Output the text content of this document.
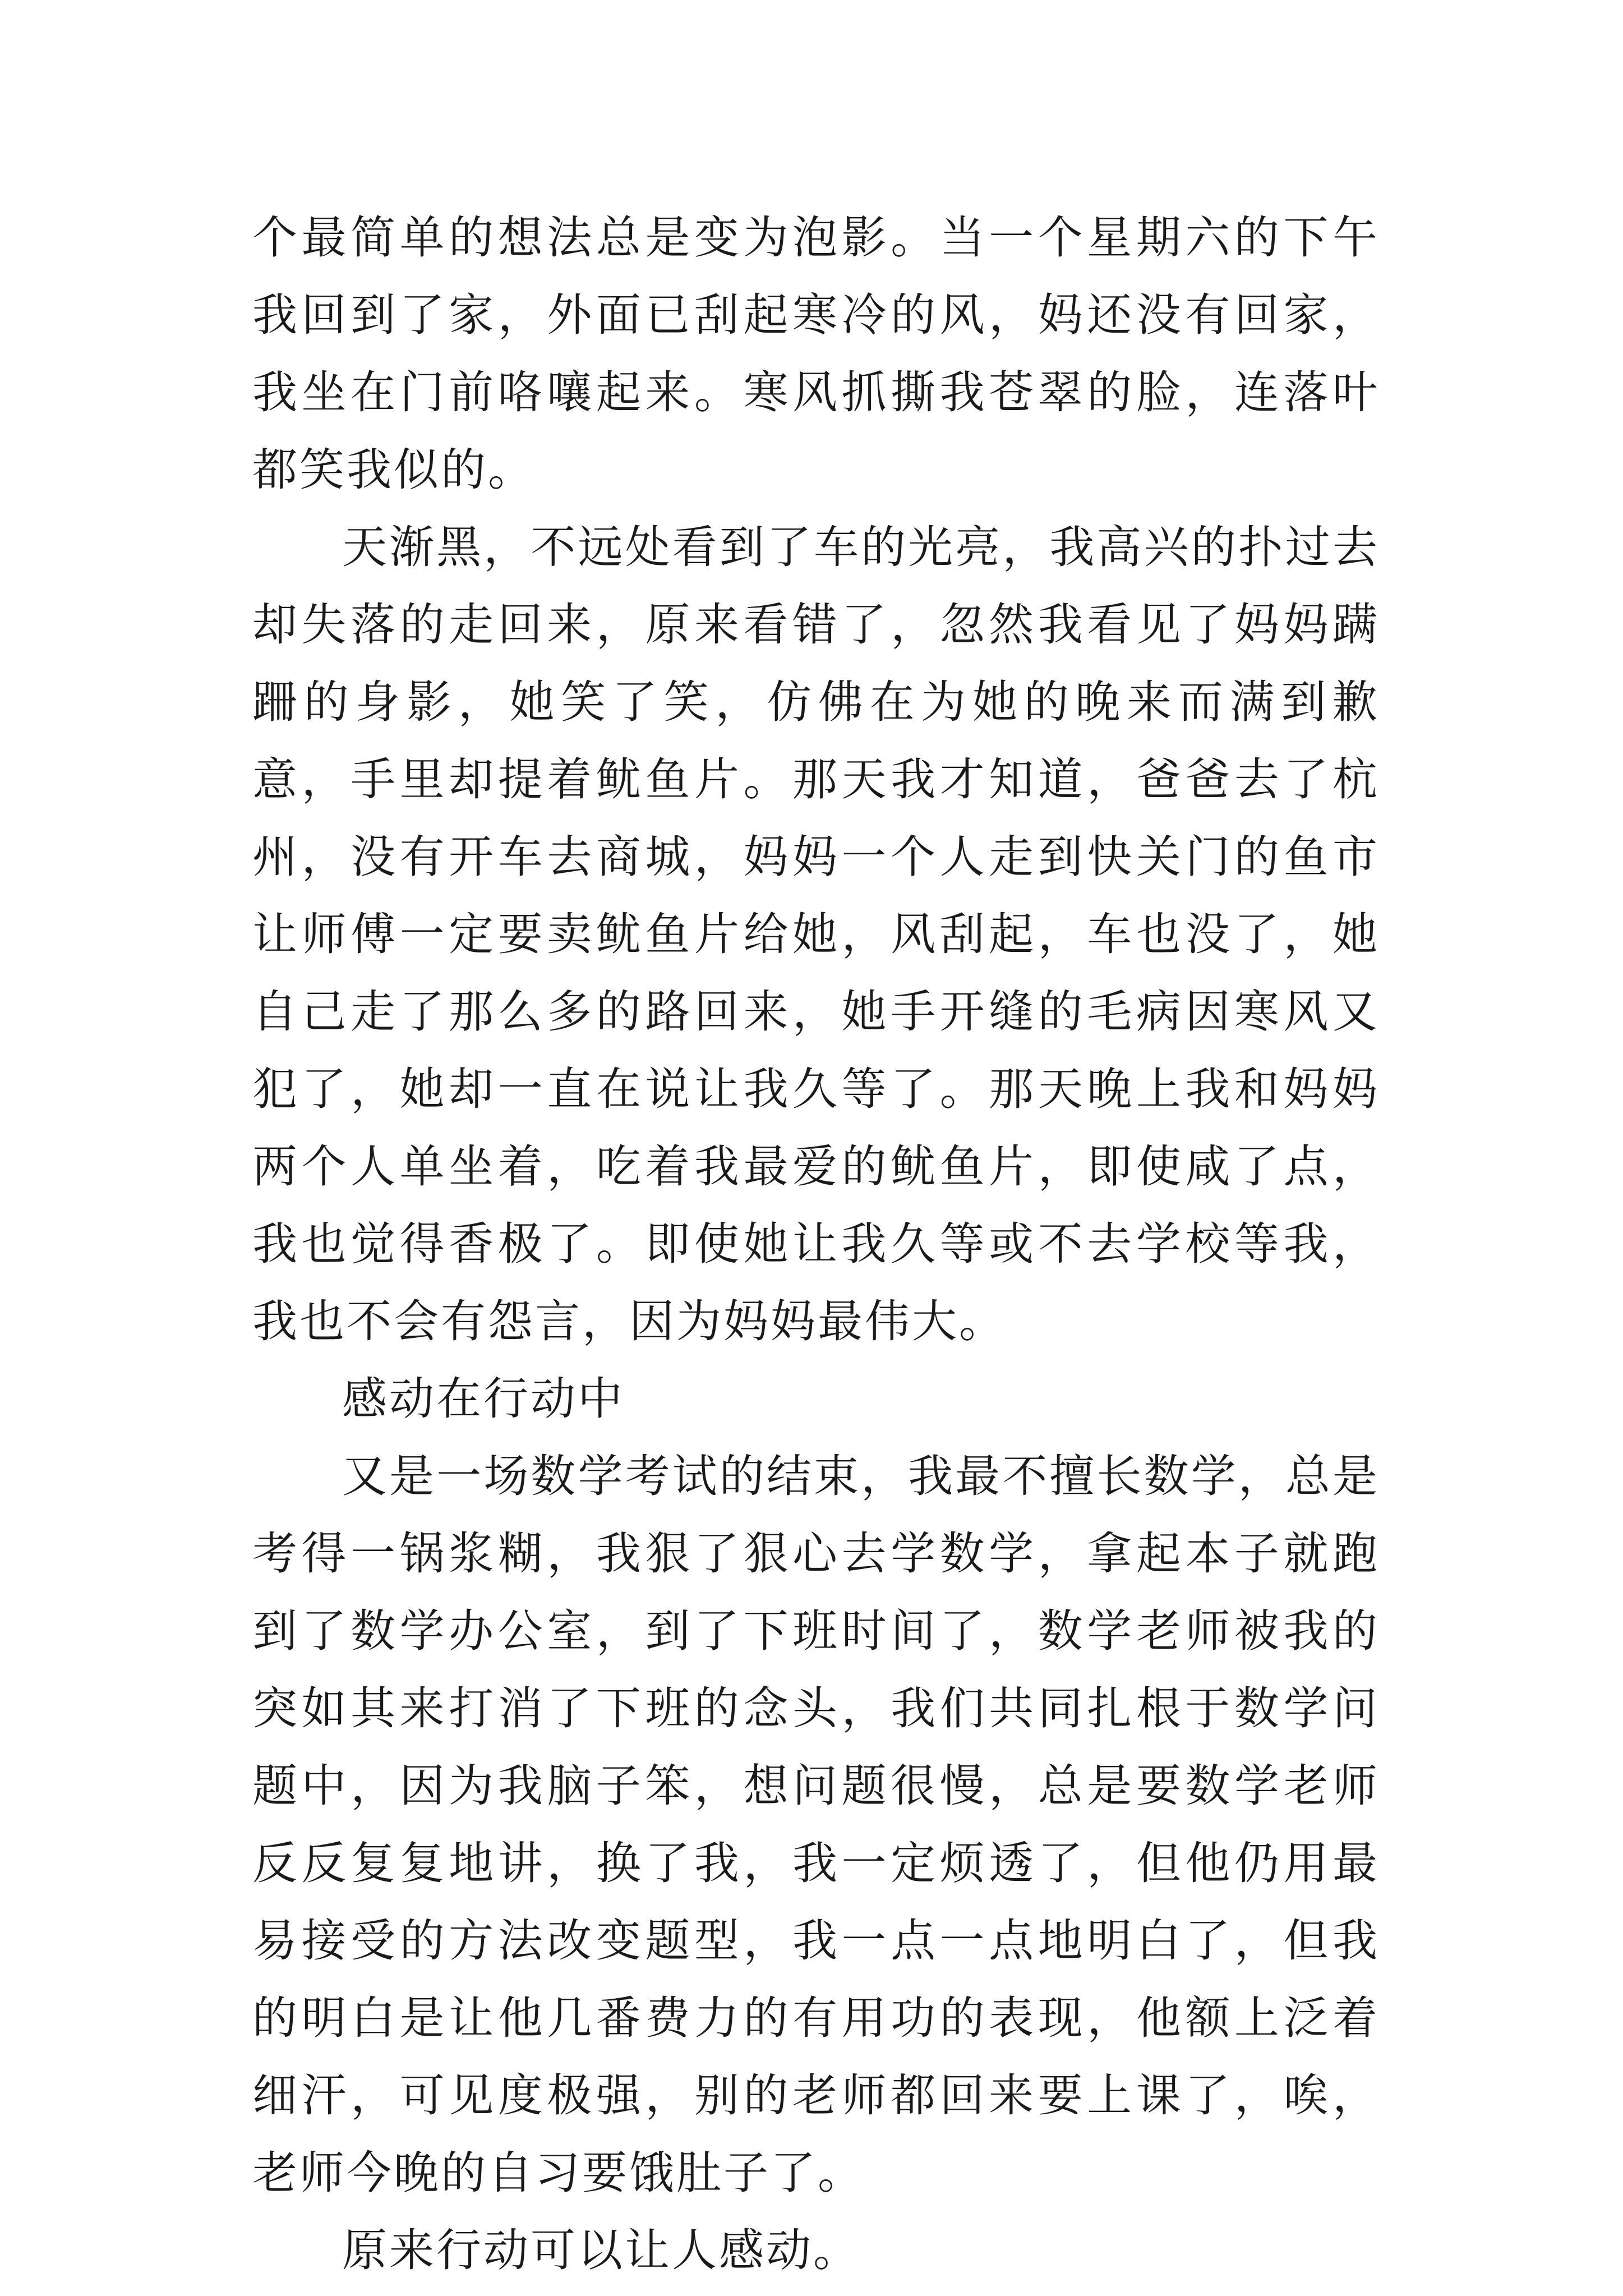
个最简单的想法总是变为泡影。当一个星期六的下午我回到了家，外面已刮起寒冷的风，妈还没有回家，我坐在门前咯嚷起来。寒风抓撕我苍翠的脸，连落叶都笑我似的。

天渐黑，不远处看到了车的光亮，我高兴的扑过去却失落的走回来，原来看错了，忽然我看见了妈妈蹒跚的身影，她笑了笑，仿佛在为她的晚来而满到歉意，手里却提着鱿鱼片。那天我才知道，爸爸去了杭州，没有开车去商城，妈妈一个人走到快关门的鱼市让师傅一定要卖鱿鱼片给她，风刮起，车也没了，她自己走了那么多的路回来，她手开缝的毛病因寒风又犯了，她却一直在说让我久等了。那天晚上我和妈妈两个人单坐着，吃着我最爱的鱿鱼片，即使咸了点，我也觉得香极了。即使她让我久等或不去学校等我，我也不会有怨言，因为妈妈最伟大。

感动在行动中

又是一场数学考试的结束，我最不擅长数学，总是考得一锅浆糊，我狠了狠心去学数学，拿起本子就跑到了数学办公室，到了下班时间了，数学老师被我的突如其来打消了下班的念头，我们共同扎根于数学问题中，因为我脑子笨，想问题很慢，总是要数学老师反反复复地讲，换了我，我一定烦透了，但他仍用最易接受的方法改变题型，我一点一点地明白了，但我的明白是让他几番费力的有用功的表现，他额上泛着细汗，可见度极强，别的老师都回来要上课了，唉，老师今晚的自习要饿肚子了。

原来行动可以让人感动。
